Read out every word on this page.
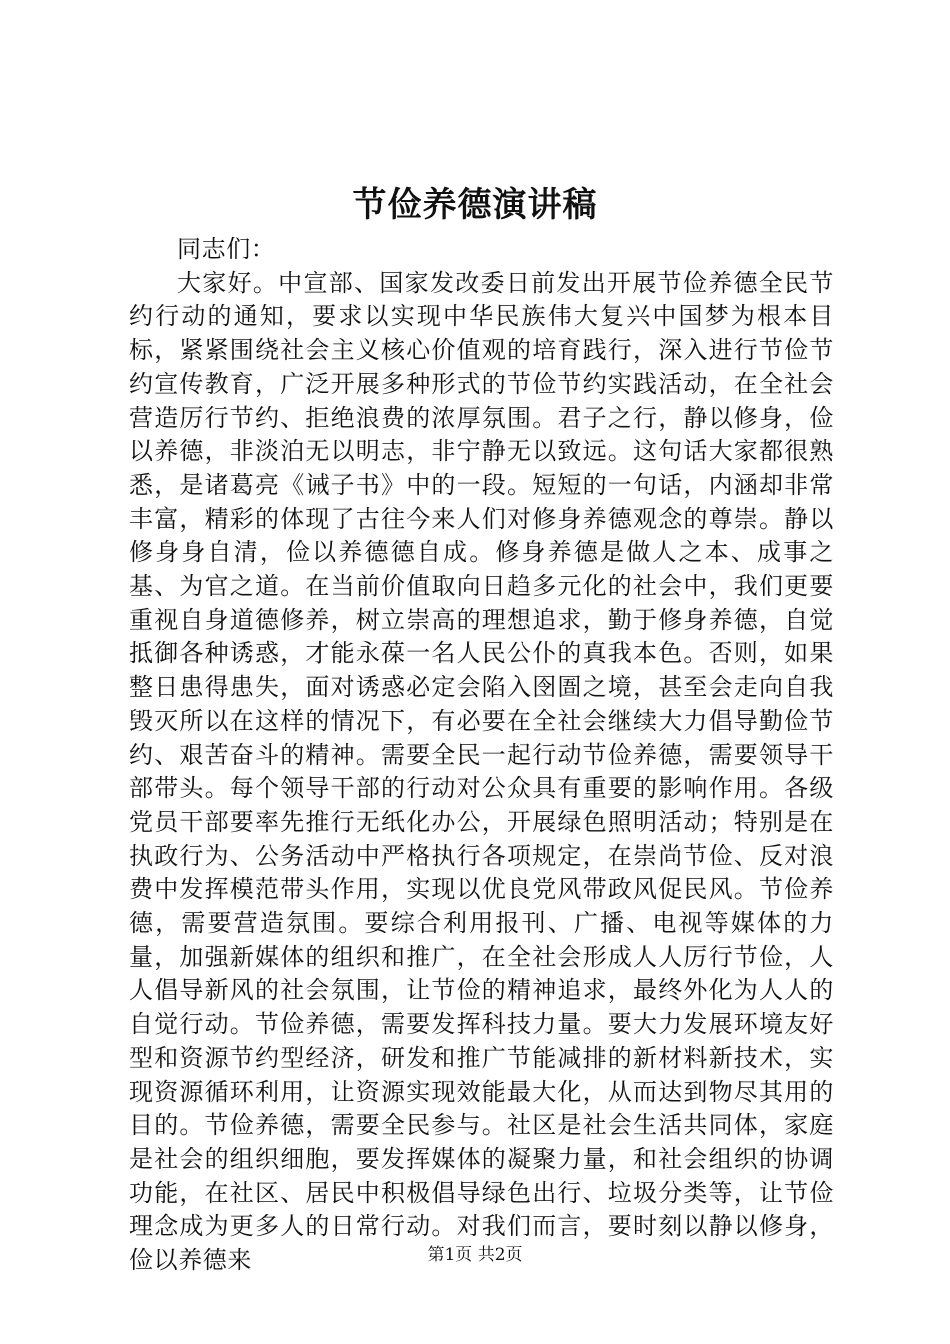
节俭养德演讲稿

同志们：

大家好。中宣部、国家发改委日前发出开展节俭养德全民节约行动的通知，要求以实现中华民族伟大复兴中国梦为根本目标，紧紧围绕社会主义核心价值观的培育践行，深入进行节俭节约宣传教育，广泛开展多种形式的节俭节约实践活动，在全社会营造厉行节约、拒绝浪费的浓厚氛围。君子之行，静以修身，俭以养德，非淡泊无以明志，非宁静无以致远。这句话大家都很熟悉，是诸葛亮《诫子书》中的一段。短短的一句话，内涵却非常丰富，精彩的体现了古往今来人们对修身养德观念的尊崇。静以修身身自清，俭以养德德自成。修身养德是做人之本、成事之基、为官之道。在当前价值取向日趋多元化的社会中，我们更要重视自身道德修养，树立崇高的理想追求，勤于修身养德，自觉抵御各种诱惑，才能永葆一名人民公仆的真我本色。否则，如果整日患得患失，面对诱惑必定会陷入囹圄之境，甚至会走向自我毁灭所以在这样的情况下，有必要在全社会继续大力倡导勤俭节约、艰苦奋斗的精神。需要全民一起行动节俭养德，需要领导干部带头。每个领导干部的行动对公众具有重要的影响作用。各级党员干部要率先推行无纸化办公，开展绿色照明活动；特别是在执政行为、公务活动中严格执行各项规定，在崇尚节俭、反对浪费中发挥模范带头作用，实现以优良党风带政风促民风。节俭养德，需要营造氛围。要综合利用报刊、广播、电视等媒体的力量，加强新媒体的组织和推广，在全社会形成人人厉行节俭，人人倡导新风的社会氛围，让节俭的精神追求，最终外化为人人的自觉行动。节俭养德，需要发挥科技力量。要大力发展环境友好型和资源节约型经济，研发和推广节能减排的新材料新技术，实现资源循环利用，让资源实现效能最大化，从而达到物尽其用的目的。节俭养德，需要全民参与。社区是社会生活共同体，家庭是社会的组织细胞，要发挥媒体的凝聚力量，和社会组织的协调功能，在社区、居民中积极倡导绿色出行、垃圾分类等，让节俭理念成为更多人的日常行动。对我们而言，要时刻以静以修身，俭以养德来	第1页 共2页
